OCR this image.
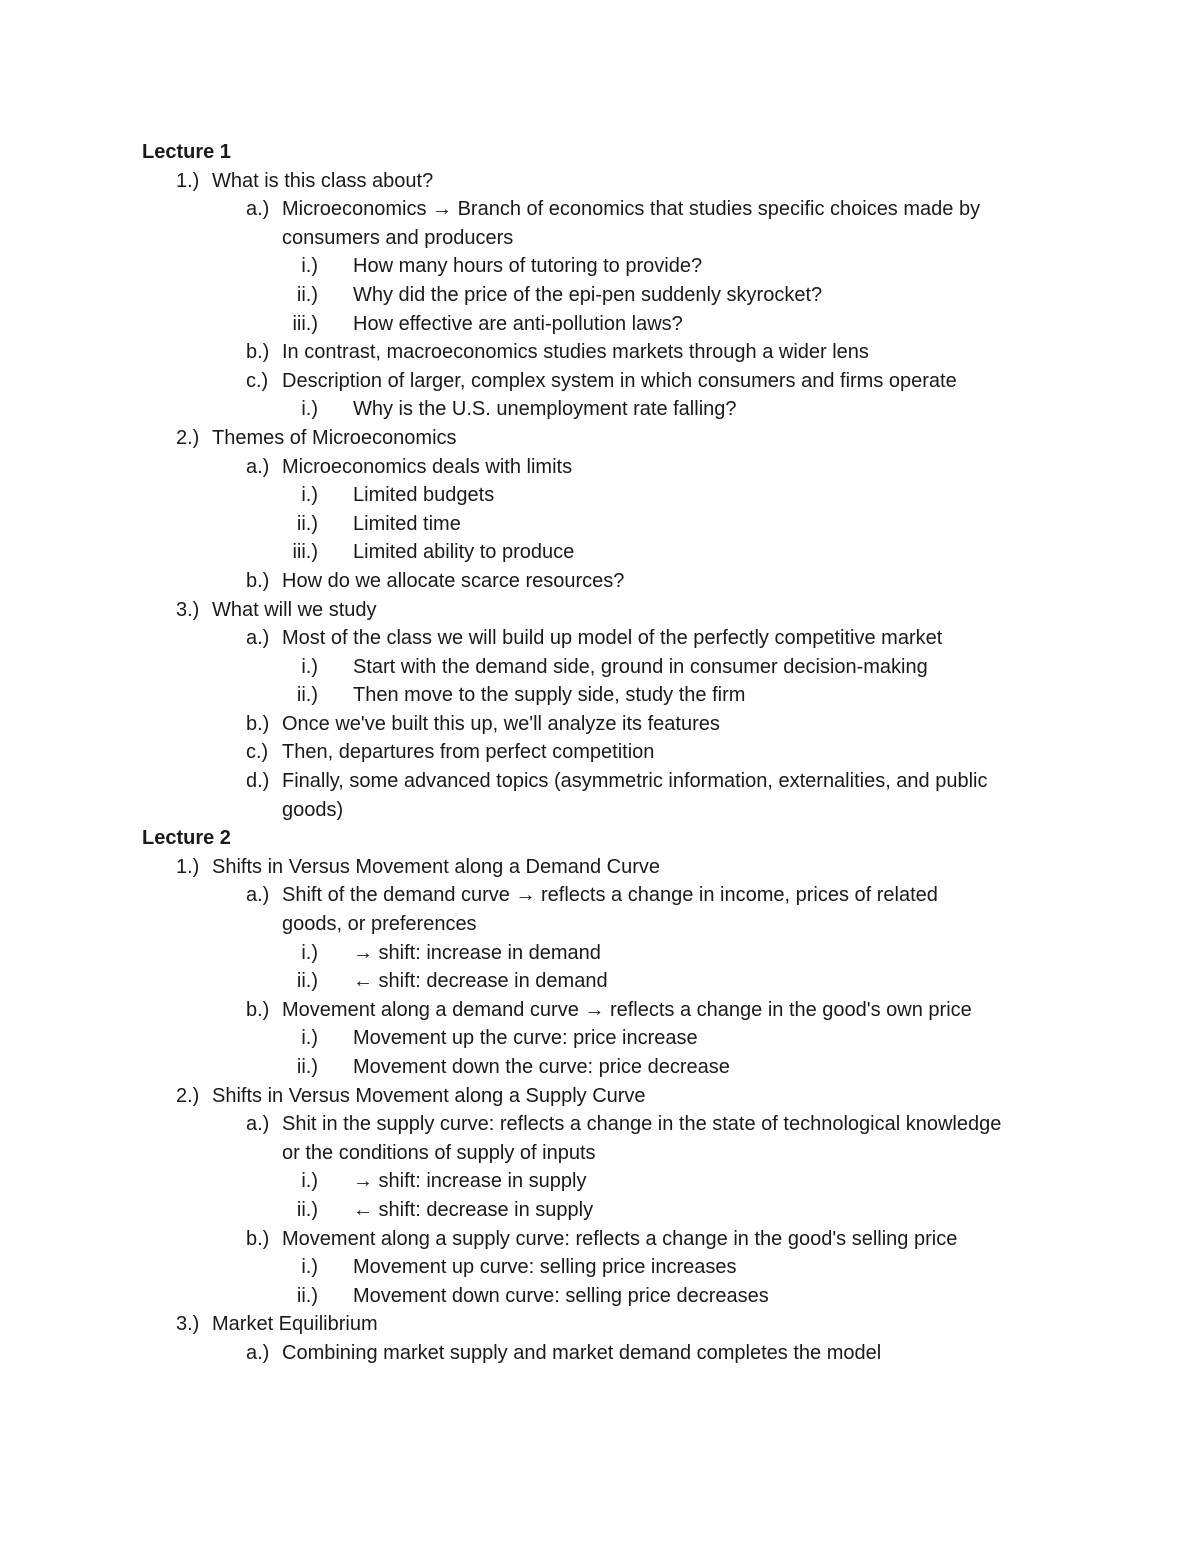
Lecture 1
1.) What is this class about?
a.) Microeconomics → Branch of economics that studies specific choices made by
consumers and producers
i.) How many hours of tutoring to provide?
ii.) Why did the price of the epi-pen suddenly skyrocket?
iii.) How effective are anti-pollution laws?
b.) In contrast, macroeconomics studies markets through a wider lens
c.) Description of larger, complex system in which consumers and firms operate
i.) Why is the U.S. unemployment rate falling?
2.) Themes of Microeconomics
a.) Microeconomics deals with limits
i.) Limited budgets
ii.) Limited time
iii.) Limited ability to produce
b.) How do we allocate scarce resources?
3.) What will we study
a.) Most of the class we will build up model of the perfectly competitive market
i.) Start with the demand side, ground in consumer decision-making
ii.) Then move to the supply side, study the firm
b.) Once we've built this up, we'll analyze its features
c.) Then, departures from perfect competition
d.) Finally, some advanced topics (asymmetric information, externalities, and public
goods)
Lecture 2
1.) Shifts in Versus Movement along a Demand Curve
a.) Shift of the demand curve → reflects a change in income, prices of related
goods, or preferences
i.) → shift: increase in demand
ii.) ← shift: decrease in demand
b.) Movement along a demand curve → reflects a change in the good's own price
i.) Movement up the curve: price increase
ii.) Movement down the curve: price decrease
2.) Shifts in Versus Movement along a Supply Curve
a.) Shit in the supply curve: reflects a change in the state of technological knowledge
or the conditions of supply of inputs
i.) → shift: increase in supply
ii.) ← shift: decrease in supply
b.) Movement along a supply curve: reflects a change in the good's selling price
i.) Movement up curve: selling price increases
ii.) Movement down curve: selling price decreases
3.) Market Equilibrium
a.) Combining market supply and market demand completes the model
